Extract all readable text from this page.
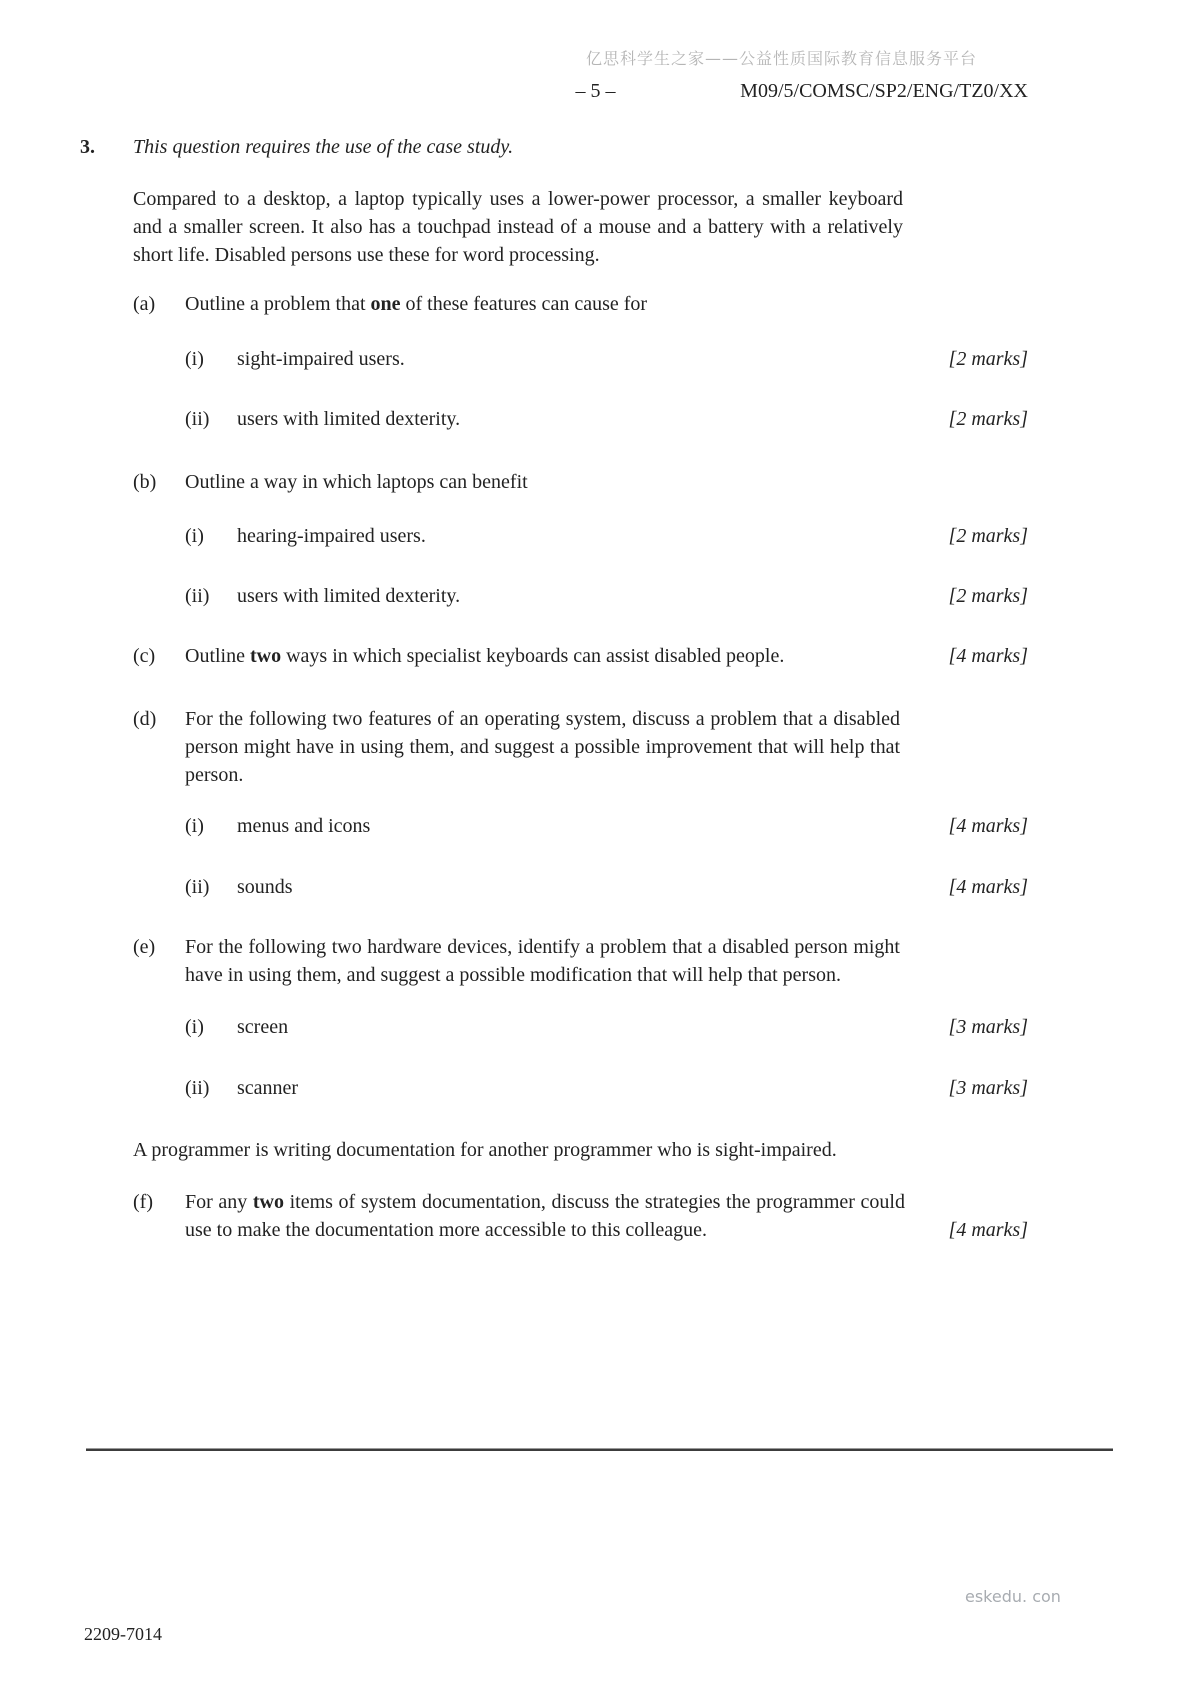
亿思科学生之家——公益性质国际教育信息服务平台
– 5 –	M09/5/COMSC/SP2/ENG/TZ0/XX
3.	This question requires the use of the case study.

Compared to a desktop, a laptop typically uses a lower-power processor, a smaller keyboard and a smaller screen. It also has a touchpad instead of a mouse and a battery with a relatively short life. Disabled persons use these for word processing.

(a)	Outline a problem that one of these features can cause for
(i)	sight-impaired users.	[2 marks]
(ii)	users with limited dexterity.	[2 marks]
(b)	Outline a way in which laptops can benefit
(i)	hearing-impaired users.	[2 marks]
(ii)	users with limited dexterity.	[2 marks]
(c)	Outline two ways in which specialist keyboards can assist disabled people.	[4 marks]
(d)	For the following two features of an operating system, discuss a problem that a disabled person might have in using them, and suggest a possible improvement that will help that person.
(i)	menus and icons	[4 marks]
(ii)	sounds	[4 marks]
(e)	For the following two hardware devices, identify a problem that a disabled person might have in using them, and suggest a possible modification that will help that person.
(i)	screen	[3 marks]
(ii)	scanner	[3 marks]

A programmer is writing documentation for another programmer who is sight-impaired.

(f)	For any two items of system documentation, discuss the strategies the programmer could use to make the documentation more accessible to this colleague.	[4 marks]
2209-7014
eskedu. con
